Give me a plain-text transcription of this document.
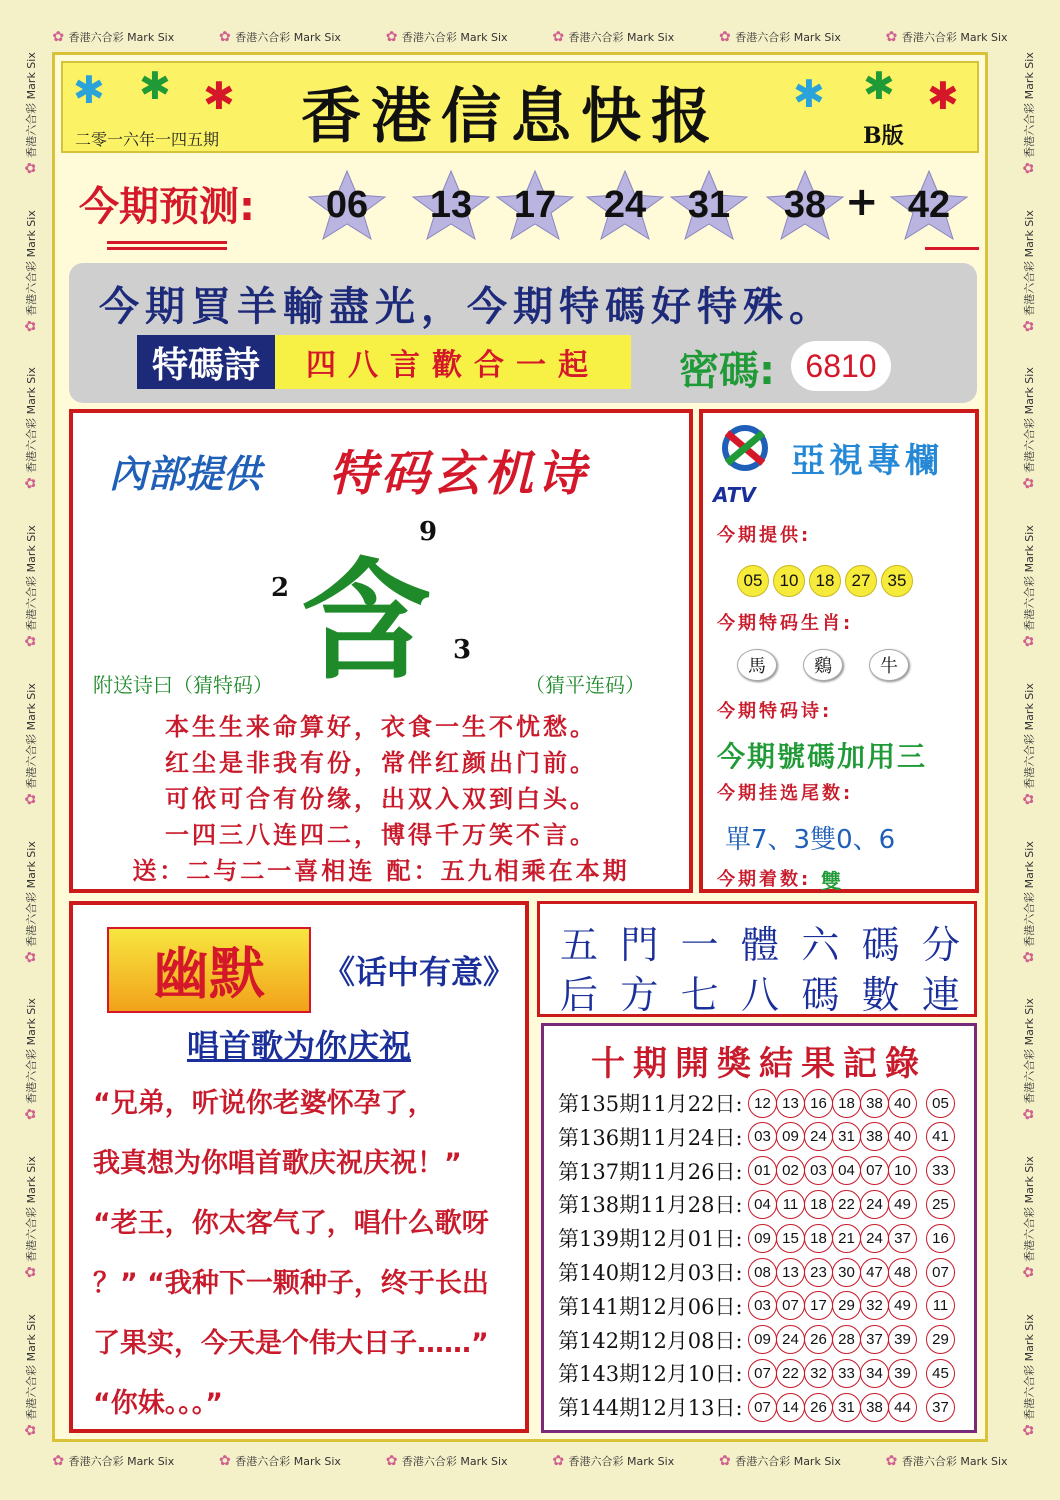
✿ 香港六合彩 Mark Six	✿ 香港六合彩 Mark Six	✿ 香港六合彩 Mark Six	✿ 香港六合彩 Mark Six	✿ 香港六合彩 Mark Six	✿ 香港六合彩 Mark Six
✿ 香港六合彩 Mark Six	✿ 香港六合彩 Mark Six	✿ 香港六合彩 Mark Six	✿ 香港六合彩 Mark Six	✿ 香港六合彩 Mark Six	✿ 香港六合彩 Mark Six
✿ 香港六合彩 Mark Six
✿ 香港六合彩 Mark Six
✿ 香港六合彩 Mark Six
✿ 香港六合彩 Mark Six
✿ 香港六合彩 Mark Six
✿ 香港六合彩 Mark Six
✿ 香港六合彩 Mark Six
✿ 香港六合彩 Mark Six
✿ 香港六合彩 Mark Six
✿ 香港六合彩 Mark Six
✿ 香港六合彩 Mark Six
✿ 香港六合彩 Mark Six
✿ 香港六合彩 Mark Six
✿ 香港六合彩 Mark Six
✿ 香港六合彩 Mark Six
✿ 香港六合彩 Mark Six
✿ 香港六合彩 Mark Six
✿ 香港六合彩 Mark Six
✱ ✱ ✱	✱ ✱ ✱
香港信息快报
二零一六年一四五期	B版
今期预测: 06 13 17 24 31 38 42
+
今期買羊輸盡光，今期特碼好特殊。
特碼詩	四八言歡合一起	密碼: 6810
內部提供 特码玄机诗
含
9
2
3
附送诗曰（猜特码）	（猜平连码）
本生生来命算好，衣食一生不忧愁。
红尘是非我有份，常伴红颜出门前。
可依可合有份缘，出双入双到白头。
一四三八连四二，博得千万笑不言。
送：二与二一喜相连 配：五九相乘在本期
ATV
亞視專欄
今期提供:
05	10	18	27	35
今期特码生肖:
馬	鷄	牛
今期特码诗:
今期號碼加用三
今期挂选尾数:
單7、3雙0、6
今期着数: 雙
幽默	《话中有意》
唱首歌为你庆祝
“兄弟，听说你老婆怀孕了，
我真想为你唱首歌庆祝庆祝！”
“老王，你太客气了，唱什么歌呀
？” “我种下一颗种子，终于长出
了果实，今天是个伟大日子……”
“你妹。。。”
五 門 一 體 六 碼 分
后 方 七 八 碼 數 連
十期開獎結果記錄
第135期11月22日: 12 13 16 18 38 40	05
第136期11月24日: 03 09 24 31 38 40	41
第137期11月26日: 01 02 03 04 07 10	33
第138期11月28日: 04 11 18 22 24 49	25
第139期12月01日: 09 15 18 21 24 37	16
第140期12月03日: 08 13 23 30 47 48	07
第141期12月06日: 03 07 17 29 32 49	11
第142期12月08日: 09 24 26 28 37 39	29
第143期12月10日: 07 22 32 33 34 39	45
第144期12月13日: 07 14 26 31 38 44	37
